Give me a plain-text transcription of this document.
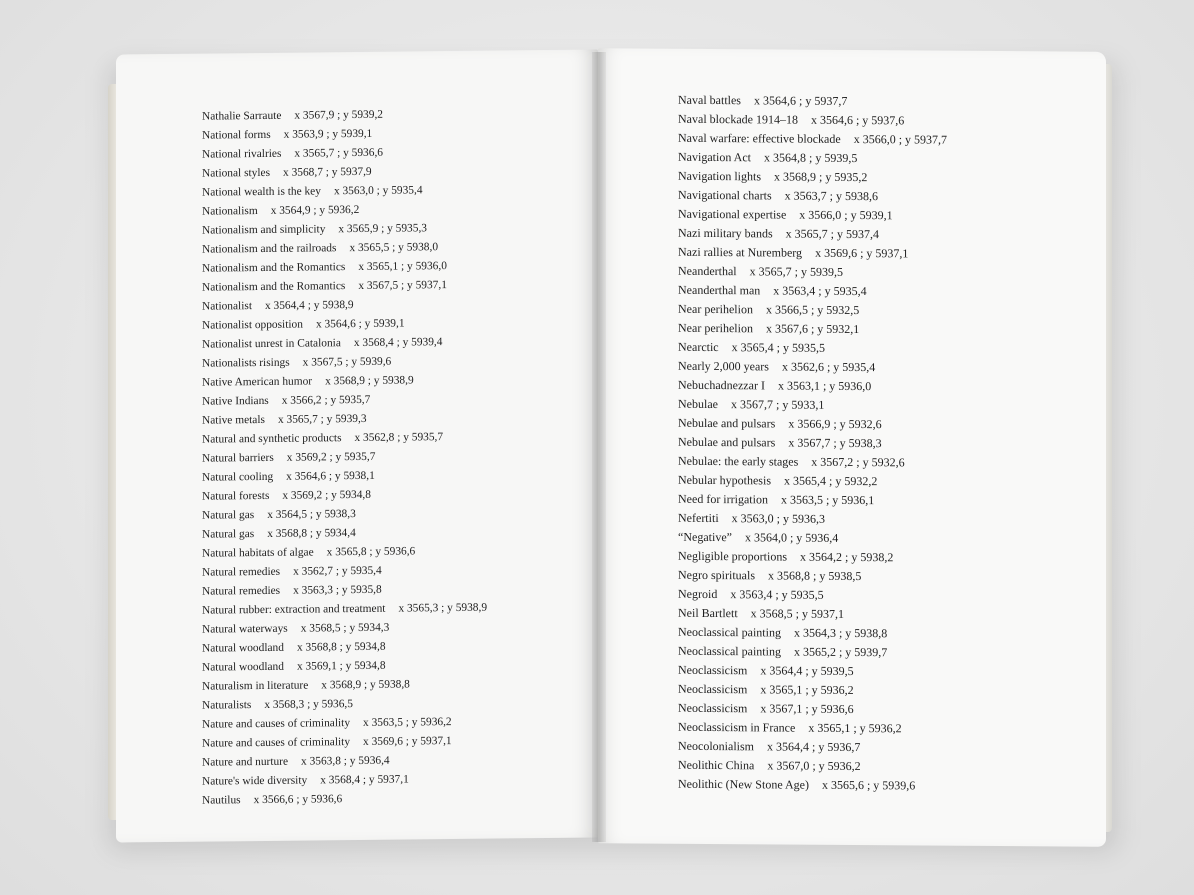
Nathalie Sarraute x 3567,9 ; y 5939,2
National forms x 3563,9 ; y 5939,1
National rivalries x 3565,7 ; y 5936,6
National styles x 3568,7 ; y 5937,9
National wealth is the key x 3563,0 ; y 5935,4
Nationalism x 3564,9 ; y 5936,2
Nationalism and simplicity x 3565,9 ; y 5935,3
Nationalism and the railroads x 3565,5 ; y 5938,0
Nationalism and the Romantics x 3565,1 ; y 5936,0
Nationalism and the Romantics x 3567,5 ; y 5937,1
Nationalist x 3564,4 ; y 5938,9
Nationalist opposition x 3564,6 ; y 5939,1
Nationalist unrest in Catalonia x 3568,4 ; y 5939,4
Nationalists risings x 3567,5 ; y 5939,6
Native American humor x 3568,9 ; y 5938,9
Native Indians x 3566,2 ; y 5935,7
Native metals x 3565,7 ; y 5939,3
Natural and synthetic products x 3562,8 ; y 5935,7
Natural barriers x 3569,2 ; y 5935,7
Natural cooling x 3564,6 ; y 5938,1
Natural forests x 3569,2 ; y 5934,8
Natural gas x 3564,5 ; y 5938,3
Natural gas x 3568,8 ; y 5934,4
Natural habitats of algae x 3565,8 ; y 5936,6
Natural remedies x 3562,7 ; y 5935,4
Natural remedies x 3563,3 ; y 5935,8
Natural rubber: extraction and treatment x 3565,3 ; y 5938,9
Natural waterways x 3568,5 ; y 5934,3
Natural woodland x 3568,8 ; y 5934,8
Natural woodland x 3569,1 ; y 5934,8
Naturalism in literature x 3568,9 ; y 5938,8
Naturalists x 3568,3 ; y 5936,5
Nature and causes of criminality x 3563,5 ; y 5936,2
Nature and causes of criminality x 3569,6 ; y 5937,1
Nature and nurture x 3563,8 ; y 5936,4
Nature's wide diversity x 3568,4 ; y 5937,1
Nautilus x 3566,6 ; y 5936,6
Naval battles x 3564,6 ; y 5937,7
Naval blockade 1914–18 x 3564,6 ; y 5937,6
Naval warfare: effective blockade x 3566,0 ; y 5937,7
Navigation Act x 3564,8 ; y 5939,5
Navigation lights x 3568,9 ; y 5935,2
Navigational charts x 3563,7 ; y 5938,6
Navigational expertise x 3566,0 ; y 5939,1
Nazi military bands x 3565,7 ; y 5937,4
Nazi rallies at Nuremberg x 3569,6 ; y 5937,1
Neanderthal x 3565,7 ; y 5939,5
Neanderthal man x 3563,4 ; y 5935,4
Near perihelion x 3566,5 ; y 5932,5
Near perihelion x 3567,6 ; y 5932,1
Nearctic x 3565,4 ; y 5935,5
Nearly 2,000 years x 3562,6 ; y 5935,4
Nebuchadnezzar I x 3563,1 ; y 5936,0
Nebulae x 3567,7 ; y 5933,1
Nebulae and pulsars x 3566,9 ; y 5932,6
Nebulae and pulsars x 3567,7 ; y 5938,3
Nebulae: the early stages x 3567,2 ; y 5932,6
Nebular hypothesis x 3565,4 ; y 5932,2
Need for irrigation x 3563,5 ; y 5936,1
Nefertiti x 3563,0 ; y 5936,3
“Negative” x 3564,0 ; y 5936,4
Negligible proportions x 3564,2 ; y 5938,2
Negro spirituals x 3568,8 ; y 5938,5
Negroid x 3563,4 ; y 5935,5
Neil Bartlett x 3568,5 ; y 5937,1
Neoclassical painting x 3564,3 ; y 5938,8
Neoclassical painting x 3565,2 ; y 5939,7
Neoclassicism x 3564,4 ; y 5939,5
Neoclassicism x 3565,1 ; y 5936,2
Neoclassicism x 3567,1 ; y 5936,6
Neoclassicism in France x 3565,1 ; y 5936,2
Neocolonialism x 3564,4 ; y 5936,7
Neolithic China x 3567,0 ; y 5936,2
Neolithic (New Stone Age) x 3565,6 ; y 5939,6
